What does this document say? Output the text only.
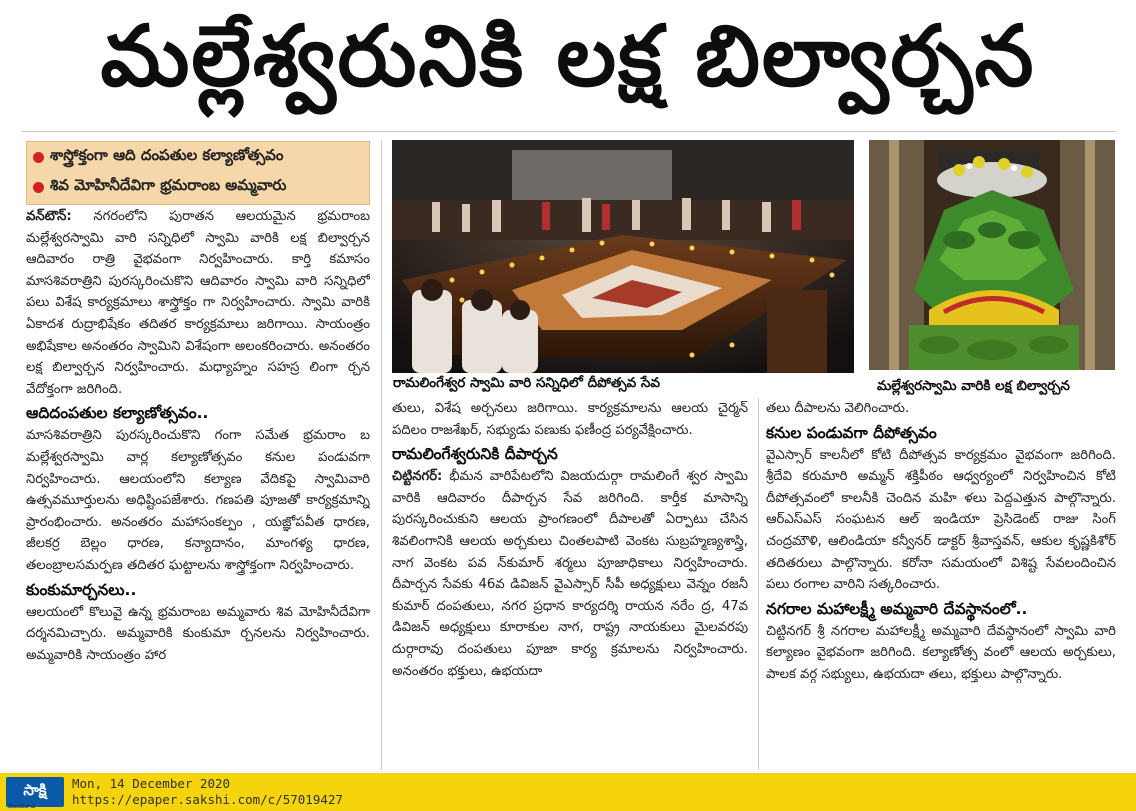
మల్లేశ్వరునికి లక్ష బిల్వార్చన
శాస్త్రోక్తంగా ఆది దంపతుల కల్యాణోత్సవం
శివ మోహినీదేవిగా భ్రమరాంబ అమ్మవారు

వన్‌టౌన్: నగరంలోని పురాతన ఆలయమైన భ్రమరాంబ మల్లేశ్వరస్వామి వారి సన్నిధిలో స్వామి వారికి లక్ష బిల్వార్చన ఆదివారం రాత్రి వైభవంగా నిర్వహించారు. కార్తి కమాసం మాసశివరాత్రిని పురస్కరించుకొని ఆదివారం స్వామి వారి సన్నిధిలో పలు విశేష కార్యక్రమాలు శాస్త్రోక్తం గా నిర్వహించారు. స్వామి వారికి ఏకాదశ రుద్రాభిషేకం తదితర కార్యక్రమాలు జరిగాయి. సాయంత్రం అభిషేకాల అనంతరం స్వామిని విశేషంగా అలంకరించారు. అనంతరం లక్ష బిల్వార్చన నిర్వహించారు. మధ్యాహ్నం సహస్ర లింగా ర్చన వేదోక్తంగా జరిగింది.

ఆదిదంపతుల కల్యాణోత్సవం..

మాసశివరాత్రిని పురస్కరించుకొని గంగా సమేత భ్రమరాం బ మల్లేశ్వరస్వామి వార్ల కల్యాణోత్సవం కనుల పండువగా నిర్వహించారు. ఆలయంలోని కల్యాణ వేదికపై స్వామివారి ఉత్సవమూర్తులను అధిష్టింపజేశారు. గణపతి పూజతో కార్యక్రమాన్ని ప్రారంభించారు. అనంతరం మహాసంకల్పం , యజ్ఞోపవీత ధారణ, జీలకర్ర బెల్లం ధారణ, కన్యాదానం, మాంగళ్య ధారణ, తలంబ్రాలసమర్పణ తదితర ఘట్టాలను శాస్త్రోక్తంగా నిర్వహించారు.

కుంకుమార్చనలు..

ఆలయంలో కొలువై ఉన్న భ్రమరాంబ అమ్మవారు శివ మోహినీదేవిగా దర్శనమిచ్చారు. అమ్మవారికి కుంకుమా ర్చనలను నిర్వహించారు. అమ్మవారికి సాయంత్రం హార

రామలింగేశ్వర స్వామి వారి సన్నిధిలో దీపోత్సవ సేవ	మల్లేశ్వరస్వామి వారికి లక్ష బిల్వార్చన

తులు, విశేష అర్చనలు జరిగాయి. కార్యక్రమాలను ఆలయ చైర్మన్ పదిలం రాజశేఖర్, సభ్యుడు పణుకు ఫణీంద్ర పర్యవేక్షించారు.

రామలింగేశ్వరునికి దీపార్చన

చిట్టినగర్: భీమన వారిపేటలోని విజయదుర్గా రామలింగే శ్వర స్వామి వారికి ఆదివారం దీపార్చన సేవ జరిగింది. కార్తీక మాసాన్ని పురస్కరించుకుని ఆలయ ప్రాంగణంలో దీపాలతో ఏర్పాటు చేసిన శివలింగానికి ఆలయ అర్చకులు చింతలపాటి వెంకట సుబ్రహ్మణ్యశాస్త్రి, నాగ వెంకట పవ న్‌కుమార్ శర్మలు పూజాధికాలు నిర్వహించారు. దీపార్చన సేవకు 46వ డివిజన్ వైఎస్సార్ సీపీ అధ్యక్షులు వెన్నం రజనీ కుమార్ దంపతులు, నగర ప్రధాన కార్యదర్శి రాయన నరేం ద్ర, 47వ డివిజన్ అధ్యక్షులు కూరాకుల నాగ, రాష్ట్ర నాయకులు మైలవరపు దుర్గారావు దంపతులు పూజా కార్య క్రమాలను నిర్వహించారు. అనంతరం భక్తులు, ఉభయదా

తలు దీపాలను వెలిగించారు.

కనుల పండువగా దీపోత్సవం

వైఎస్సార్ కాలనీలో కోటి దీపోత్సవ కార్యక్రమం వైభవంగా జరిగింది. శ్రీదేవి కరుమారి అమ్మన్ శక్తిపీఠం ఆధ్వర్యంలో నిర్వహించిన కోటి దీపోత్సవంలో కాలనీకి చెందిన మహి ళలు పెద్దఎత్తున పాల్గొన్నారు. ఆర్‌ఎస్‌ఎస్ సంఘటన ఆల్ ఇండియా ప్రెసిడెంట్ రాజు సింగ్ చంద్రమౌళి, ఆలిండియా కన్వీనర్ డాక్టర్ శ్రీవాస్తవన్, ఆకుల కృష్ణకిశోర్ తదితరులు పాల్గొన్నారు. కరోనా సమయంలో విశిష్ట సేవలందించిన పలు రంగాల వారిని సత్కరించారు.

నగరాల మహాలక్ష్మీ అమ్మవారి దేవస్థానంలో..

చిట్టినగర్ శ్రీ నగరాల మహాలక్ష్మీ అమ్మవారి దేవస్థానంలో స్వామి వారి కల్యాణం వైభవంగా జరిగింది. కల్యాణోత్స వంలో ఆలయ అర్చకులు, పాలక వర్గ సభ్యులు, ఉభయదా తలు, భక్తులు పాల్గొన్నారు.

సాక్షి
విజయవాడ
Mon, 14 December 2020
https://epaper.sakshi.com/c/57019427
